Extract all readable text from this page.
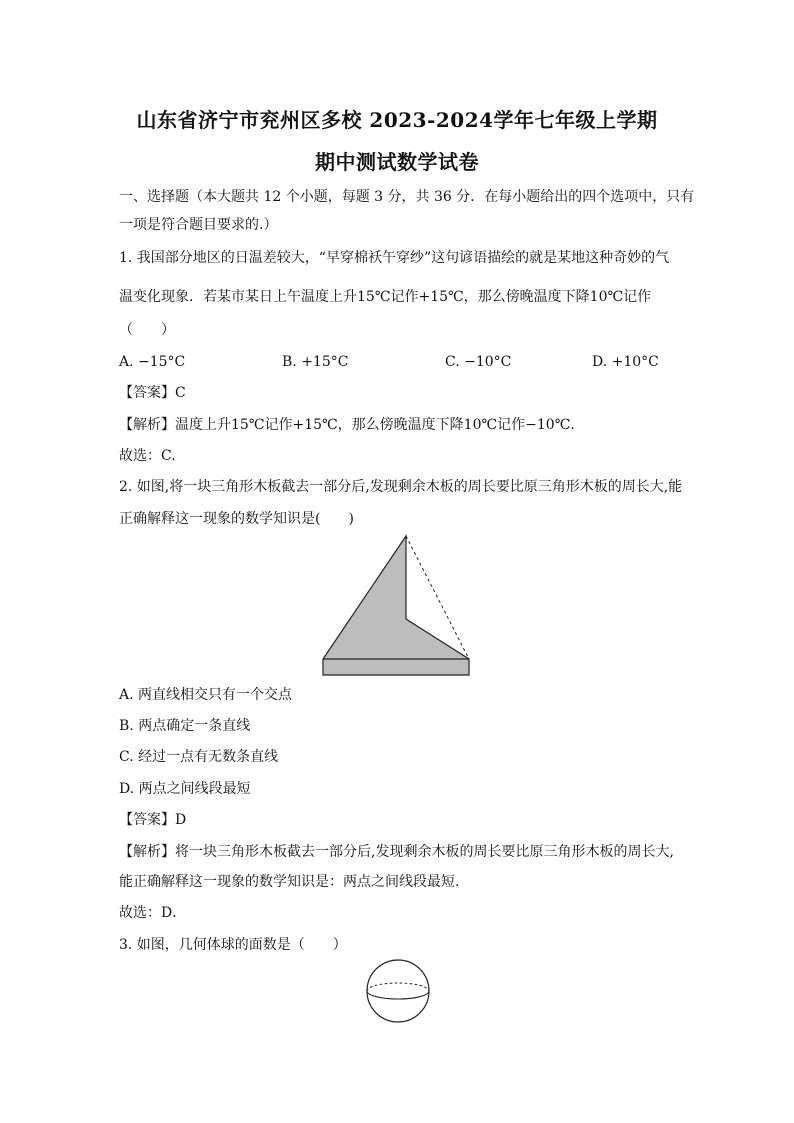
山东省济宁市兖州区多校 2023-2024学年七年级上学期
期中测试数学试卷
一、选择题（本大题共 12 个小题，每题 3 分，共 36 分．在每小题给出的四个选项中，只有
一项是符合题目要求的.）
1. 我国部分地区的日温差较大，“早穿棉袄午穿纱”这句谚语描绘的就是某地这种奇妙的气
温变化现象．若某市某日上午温度上升15℃记作+15℃，那么傍晚温度下降10℃记作
（　　）
A. −15°C	B. +15°C	C. −10°C	D. +10°C
【答案】C
【解析】温度上升15℃记作+15℃，那么傍晚温度下降10℃记作−10℃．
故选：C.
2. 如图,将一块三角形木板截去一部分后,发现剩余木板的周长要比原三角形木板的周长大,能
正确解释这一现象的数学知识是(　　)
A. 两直线相交只有一个交点
B. 两点确定一条直线
C. 经过一点有无数条直线
D. 两点之间线段最短
【答案】D
【解析】将一块三角形木板截去一部分后,发现剩余木板的周长要比原三角形木板的周长大,
能正确解释这一现象的数学知识是：两点之间线段最短.
故选：D．
3. 如图，几何体球的面数是（　　）
